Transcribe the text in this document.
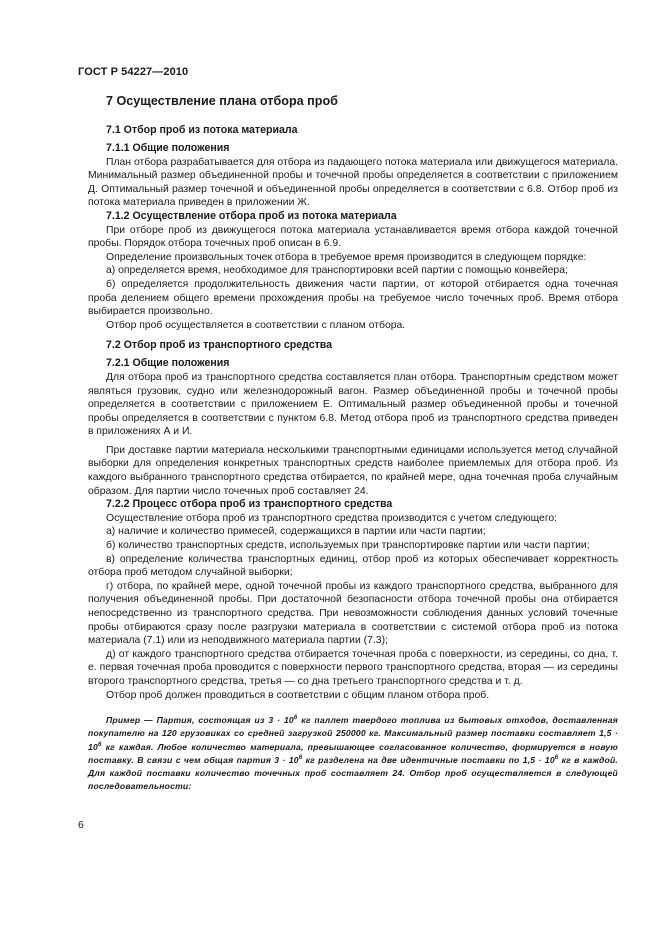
ГОСТ Р 54227—2010
7 Осуществление плана отбора проб
7.1 Отбор проб из потока материала
7.1.1 Общие положения

План отбора разрабатывается для отбора из падающего потока материала или движущегося материала. Минимальный размер объединенной пробы и точечной пробы определяется в соответствии с приложением Д. Оптимальный размер точечной и объединенной пробы определяется в соответствии с 6.8. Отбор проб из потока материала приведен в приложении Ж.

7.1.2 Осуществление отбора проб из потока материала

При отборе проб из движущегося потока материала устанавливается время отбора каждой точечной пробы. Порядок отбора точечных проб описан в 6.9.

Определение произвольных точек отбора в требуемое время производится в следующем порядке:

а) определяется время, необходимое для транспортировки всей партии с помощью конвейера;

б) определяется продолжительность движения части партии, от которой отбирается одна точечная проба делением общего времени прохождения пробы на требуемое число точечных проб. Время отбора выбирается произвольно.

Отбор проб осуществляется в соответствии с планом отбора.

7.2 Отбор проб из транспортного средства
7.2.1 Общие положения

Для отбора проб из транспортного средства составляется план отбора. Транспортным средством может являться грузовик, судно или железнодорожный вагон. Размер объединенной пробы и точечной пробы определяется в соответствии с приложением Е. Оптимальный размер объединенной пробы и точечной пробы определяется в соответствии с пунктом 6.8. Метод отбора проб из транспортного средства приведен в приложениях А и И.

При доставке партии материала несколькими транспортными единицами используется метод случайной выборки для определения конкретных транспортных средств наиболее приемлемых для отбора проб. Из каждого выбранного транспортного средства отбирается, по крайней мере, одна точечная проба случайным образом. Для партии число точечных проб составляет 24.

7.2.2 Процесс отбора проб из транспортного средства

Осуществление отбора проб из транспортного средства производится с учетом следующего:

а) наличие и количество примесей, содержащихся в партии или части партии;

б) количество транспортных средств, используемых при транспортировке партии или части партии;

в) определение количества транспортных единиц, отбор проб из которых обеспечивает корректность отбора проб методом случайной выборки;

г) отбора, по крайней мере, одной точечной пробы из каждого транспортного средства, выбранного для получения объединенной пробы. При достаточной безопасности отбора точечной пробы она отбирается непосредственно из транспортного средства. При невозможности соблюдения данных условий точечные пробы отбираются сразу после разгрузки материала в соответствии с системой отбора проб из потока материала (7.1) или из неподвижного материала партии (7.3);

д) от каждого транспортного средства отбирается точечная проба с поверхности, из середины, со дна, т. е. первая точечная проба проводится с поверхности первого транспортного средства, вторая — из середины второго транспортного средства, третья — со дна третьего транспортного средства и т. д.

Отбор проб должен проводиться в соответствии с общим планом отбора проб.

Пример — Партия, состоящая из $3 \cdot 10^6$ кг паллет твердого топлива из бытовых отходов, доставленная покупателю на 120 грузовиках со средней загрузкой 250000 кг. Максимальный размер поставки составляет $1,5 \cdot 10^6$ кг каждая. Любое количество материала, превышающее согласованное количество, формируется в новую поставку. В связи с чем общая партия $3 \cdot 10^6$ кг разделена на две идентичные поставки по $1,5 \cdot 10^6$ кг в каждой. Для каждой поставки количество точечных проб составляет 24. Отбор проб осуществляется в следующей последовательности:
6
